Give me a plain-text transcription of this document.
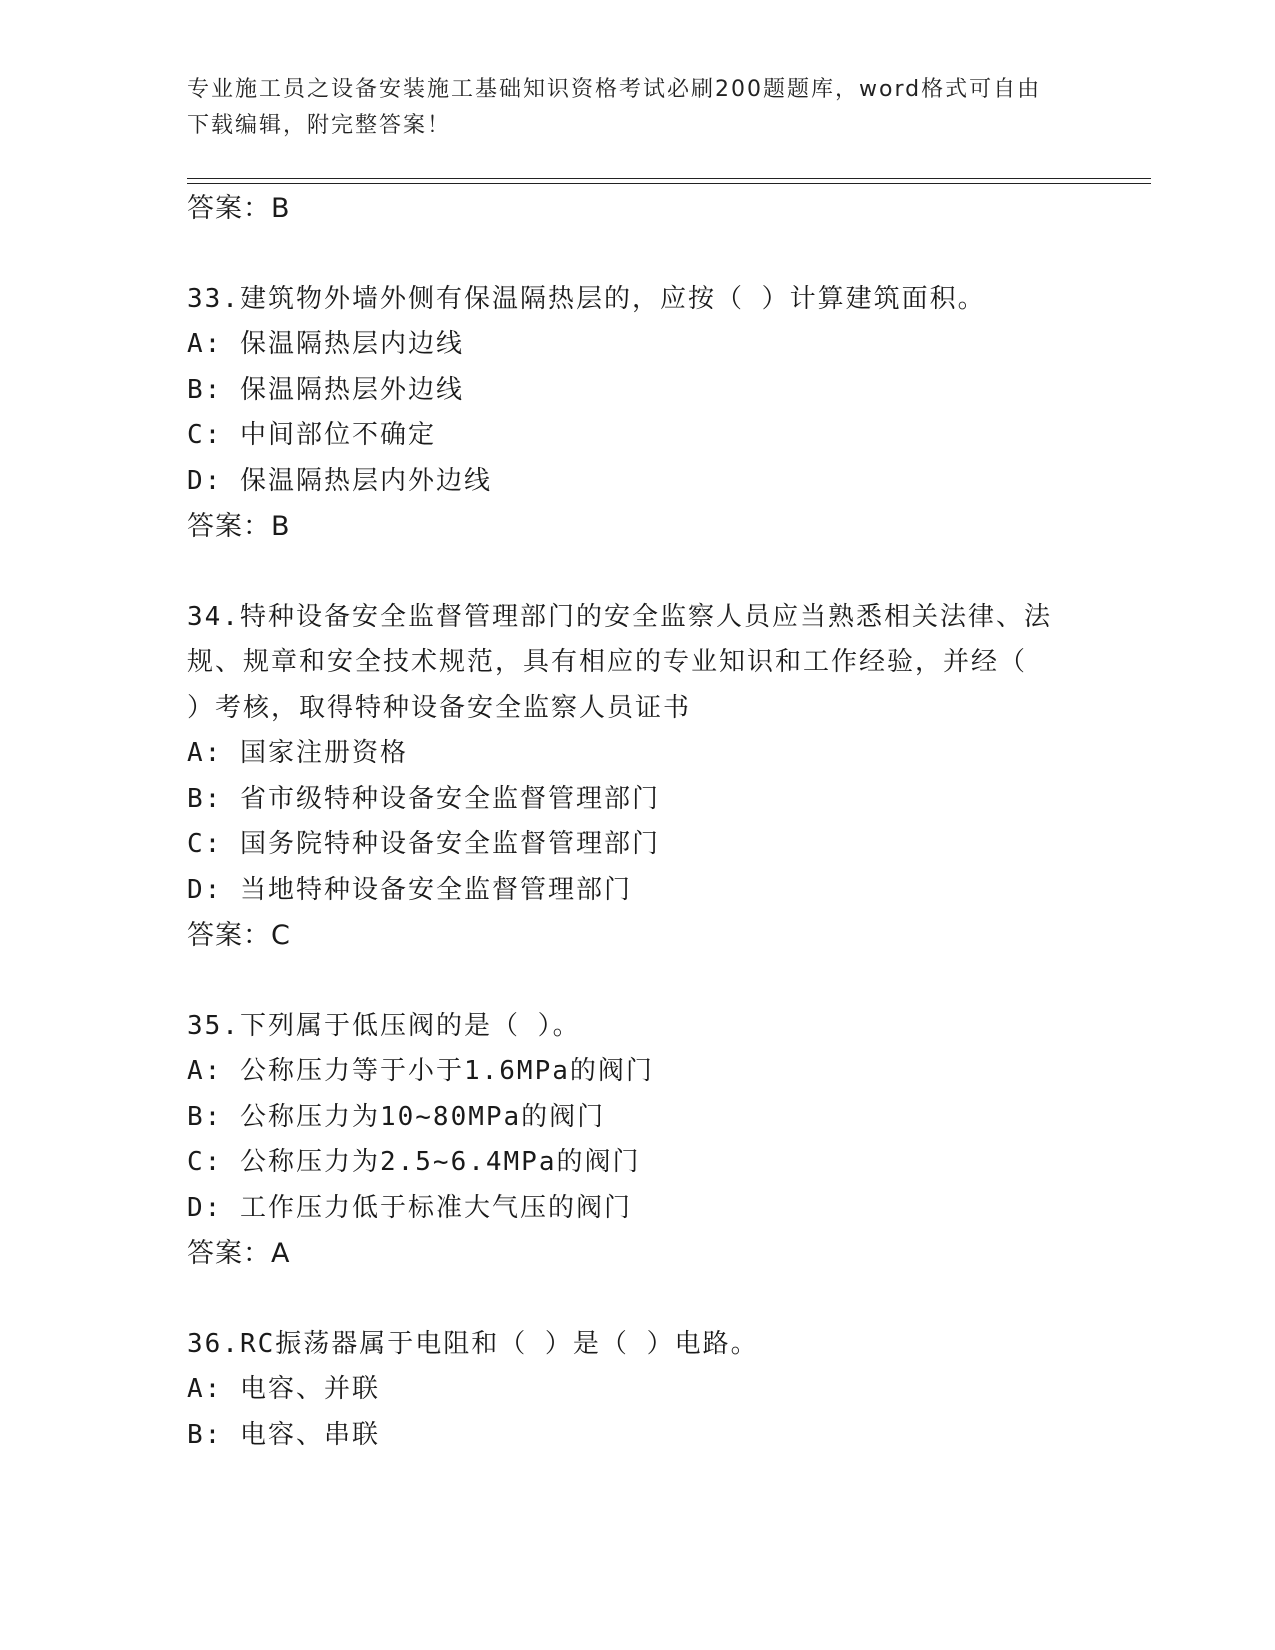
专业施工员之设备安装施工基础知识资格考试必刷200题题库，word格式可自由
下载编辑，附完整答案！
答案：B
33.建筑物外墙外侧有保温隔热层的，应按（ ）计算建筑面积。
A: 保温隔热层内边线
B: 保温隔热层外边线
C: 中间部位不确定
D: 保温隔热层内外边线
答案：B
34.特种设备安全监督管理部门的安全监察人员应当熟悉相关法律、法
规、规章和安全技术规范，具有相应的专业知识和工作经验，并经（
）考核，取得特种设备安全监察人员证书
A: 国家注册资格
B: 省市级特种设备安全监督管理部门
C: 国务院特种设备安全监督管理部门
D: 当地特种设备安全监督管理部门
答案：C
35.下列属于低压阀的是（ ）。
A: 公称压力等于小于1.6MPa的阀门
B: 公称压力为10~80MPa的阀门
C: 公称压力为2.5~6.4MPa的阀门
D: 工作压力低于标准大气压的阀门
答案：A
36.RC振荡器属于电阻和（ ）是（ ）电路。
A: 电容、并联
B: 电容、串联
